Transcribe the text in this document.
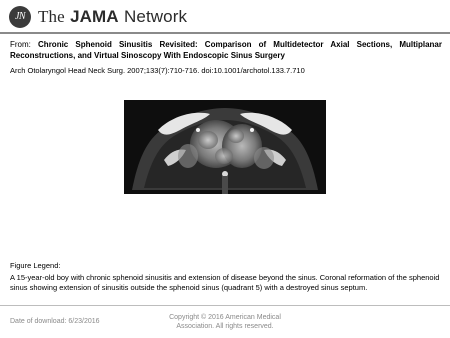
JN The JAMA Network
From: Chronic Sphenoid Sinusitis Revisited: Comparison of Multidetector Axial Sections, Multiplanar Reconstructions, and Virtual Sinoscopy With Endoscopic Sinus Surgery
Arch Otolaryngol Head Neck Surg. 2007;133(7):710-716. doi:10.1001/archotol.133.7.710
Figure Legend:
A 15-year-old boy with chronic sphenoid sinusitis and extension of disease beyond the sinus. Coronal reformation of the sphenoid sinus showing extension of sinusitis outside the sphenoid sinus (quadrant 5) with a destroyed sinus septum.
Date of download: 6/23/2016
Copyright © 2016 American Medical
Association. All rights reserved.
